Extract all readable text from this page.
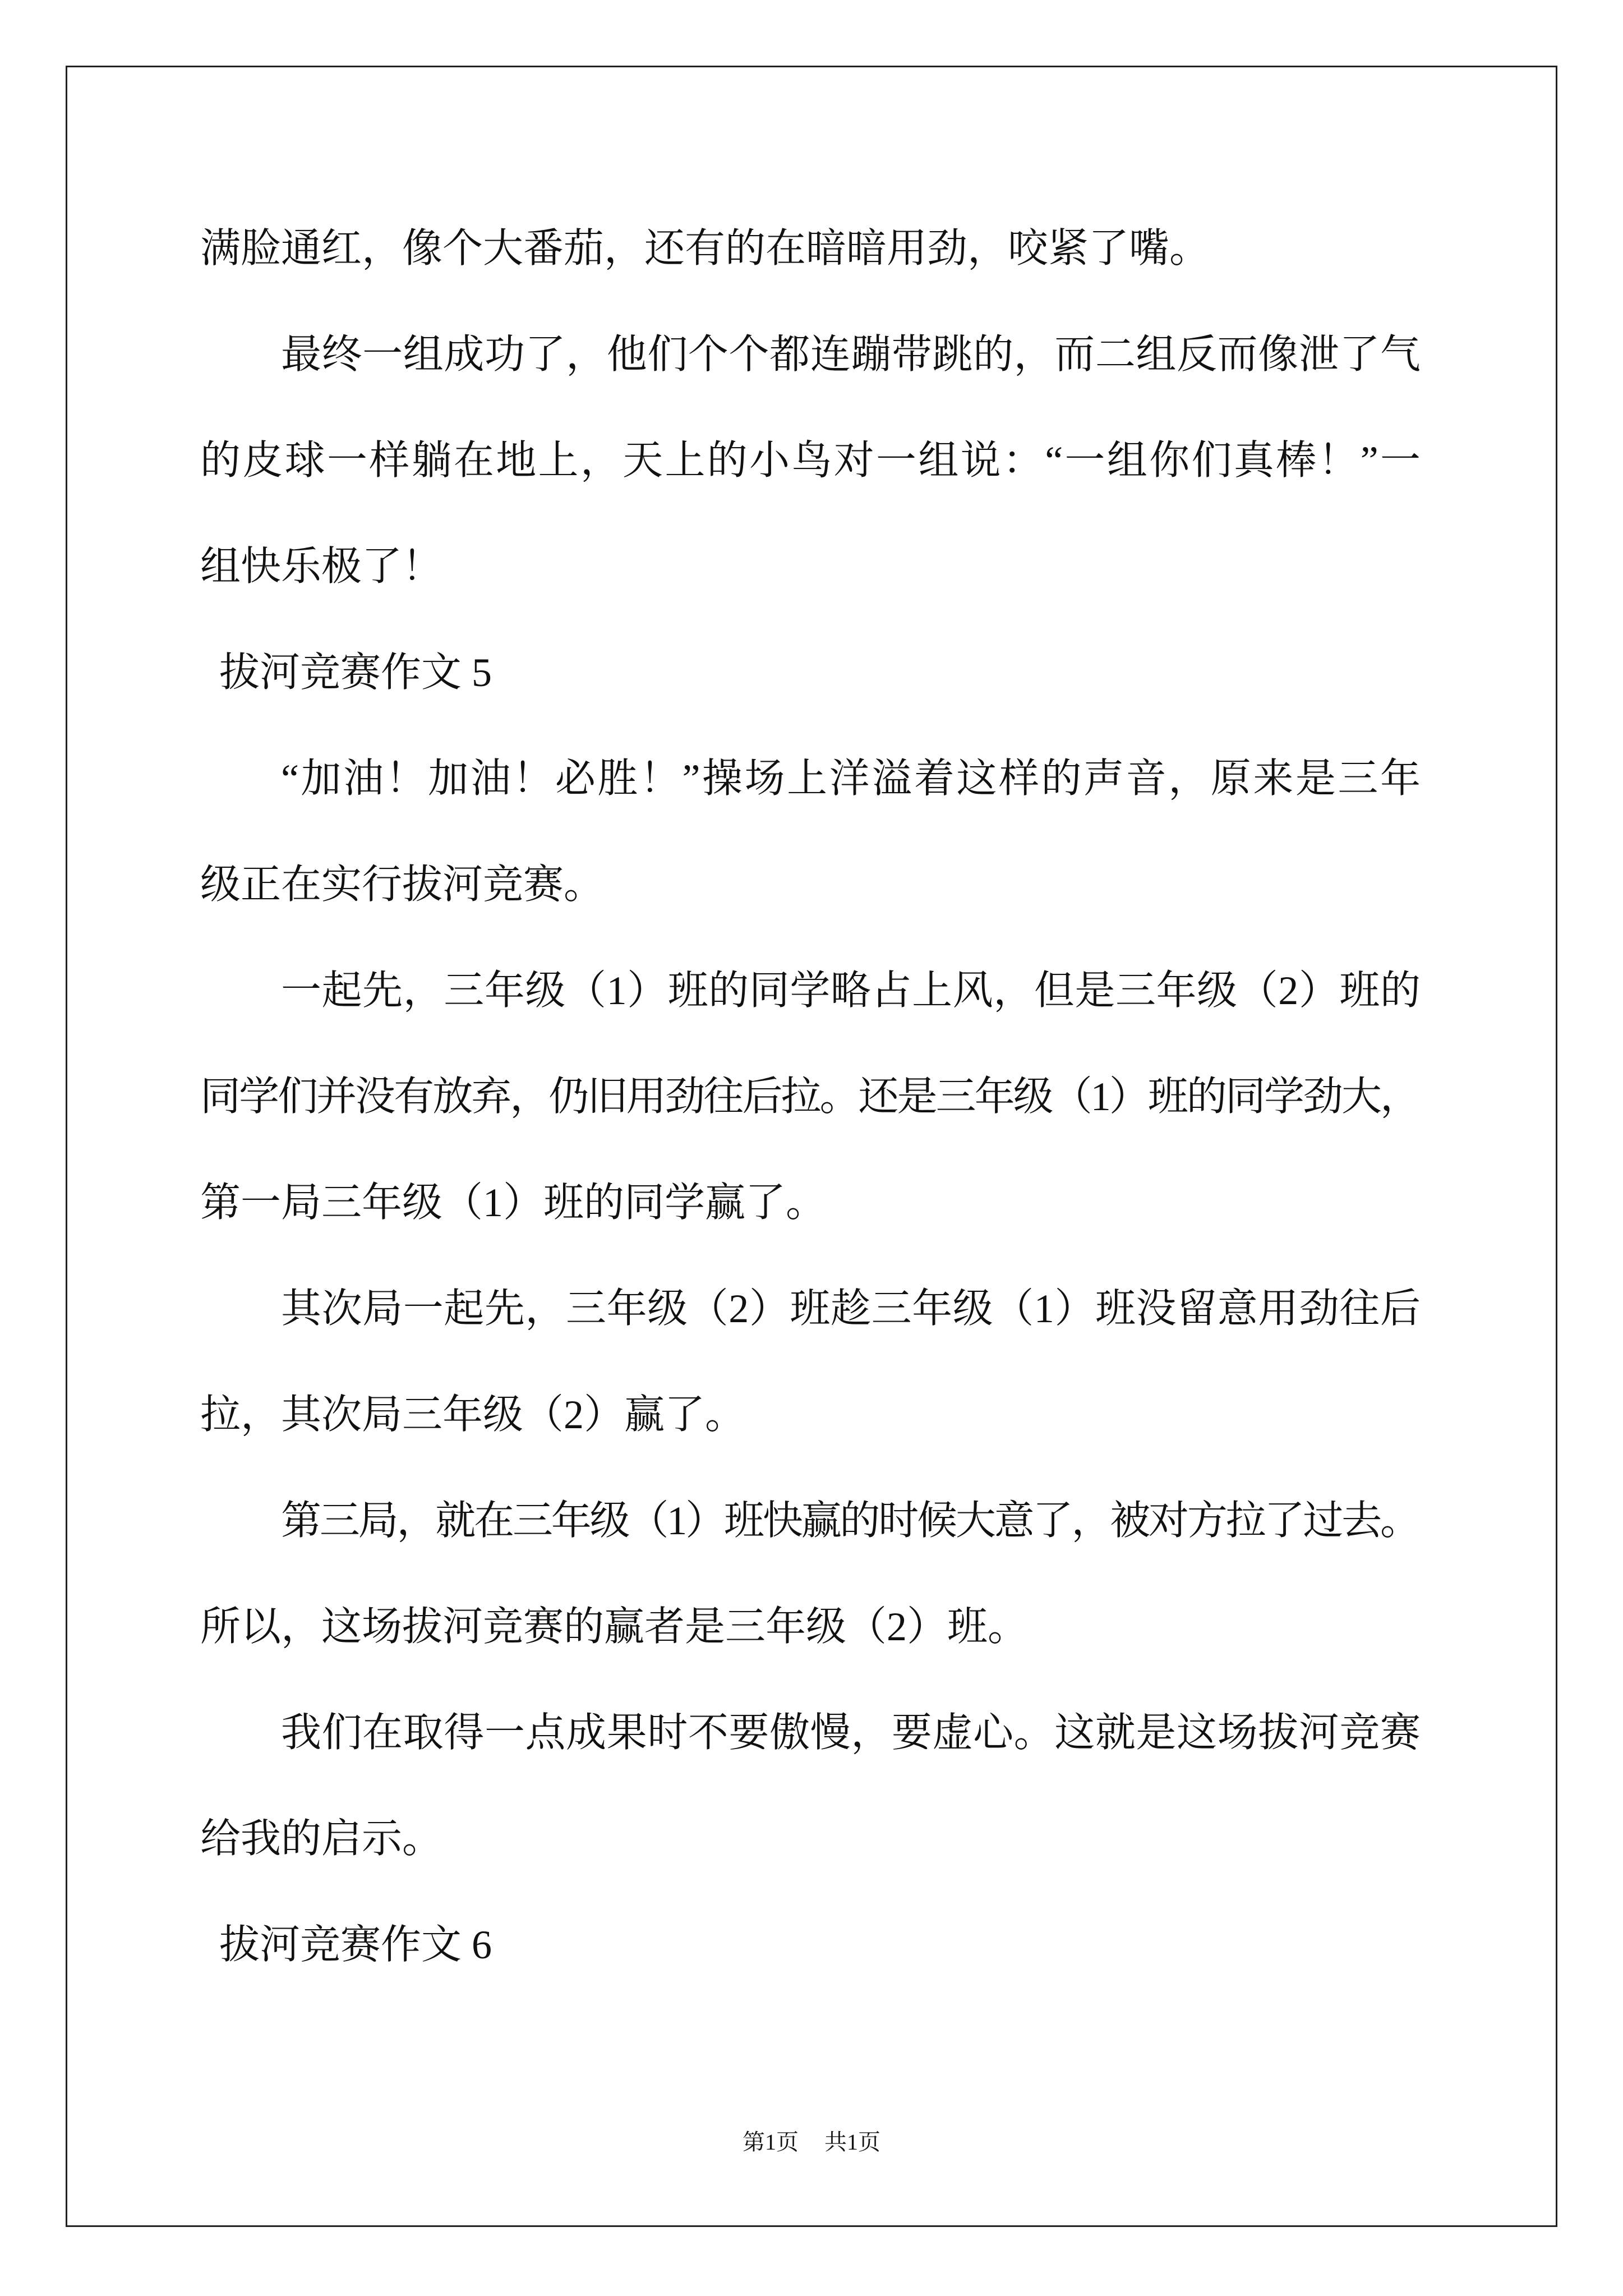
满脸通红，像个大番茄，还有的在暗暗用劲，咬紧了嘴。
最终一组成功了，他们个个都连蹦带跳的，而二组反而像泄了气
的皮球一样躺在地上，天上的小鸟对一组说：“一组你们真棒！”一
组快乐极了！
拔河竞赛作文 5
“加油！加油！必胜！”操场上洋溢着这样的声音，原来是三年
级正在实行拔河竞赛。
一起先，三年级（1）班的同学略占上风，但是三年级（2）班的
同学们并没有放弃，仍旧用劲往后拉。还是三年级（1）班的同学劲大，
第一局三年级（1）班的同学赢了。
其次局一起先，三年级（2）班趁三年级（1）班没留意用劲往后
拉，其次局三年级（2）赢了。
第三局，就在三年级（1）班快赢的时候大意了，被对方拉了过去。
所以，这场拔河竞赛的赢者是三年级（2）班。
我们在取得一点成果时不要傲慢，要虚心。这就是这场拔河竞赛
给我的启示。
拔河竞赛作文 6
第1页 共1页
